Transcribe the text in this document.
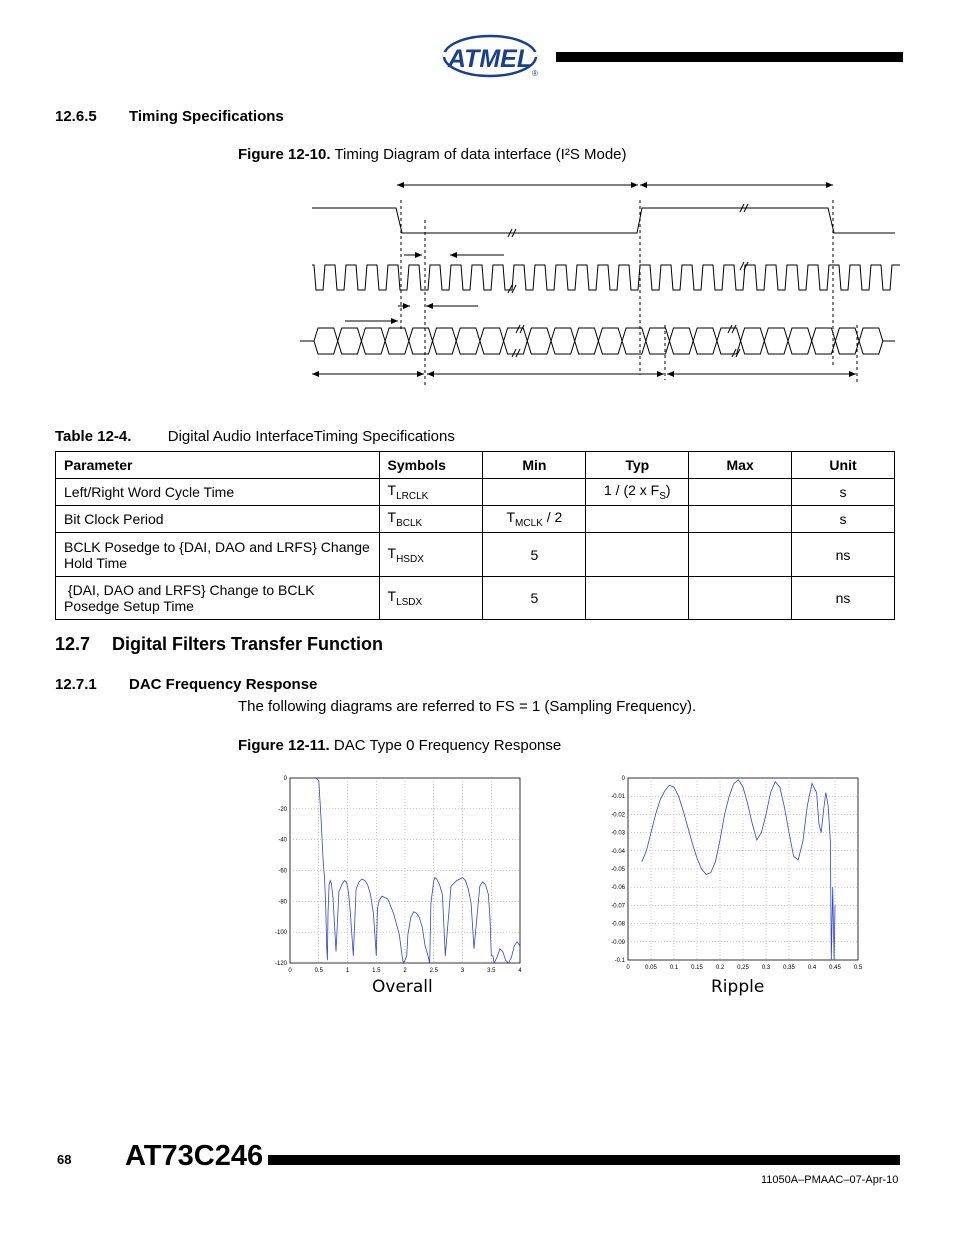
ATMEL
®
12.6.5 Timing Specifications
Figure 12-10. Timing Diagram of data interface (I²S Mode)
Table 12-4. Digital Audio InterfaceTiming Specifications
Parameter	Symbols	Min	Typ	Max	Unit
Left/Right Word Cycle Time	$T_{LRCLK}$		1 / (2 x $F_S$)		s
Bit Clock Period	$T_{BCLK}$	$T_{MCLK} / 2$			s
BCLK Posedge to {DAI, DAO and LRFS} Change Hold Time	$T_{HSDX}$	5			ns
{DAI, DAO and LRFS} Change to BCLK Posedge Setup Time	$T_{LSDX}$	5			ns
12.7 Digital Filters Transfer Function
12.7.1 DAC Frequency Response
The following diagrams are referred to FS = 1 (Sampling Frequency).
Figure 12-11. DAC Type 0 Frequency Response
0	0.5	1	1.5	2	2.5	3	3.5	4
0
-20
-40
-60
-80
-100
-120
0	0.05 0.1 0.15 0.2 0.25 0.3 0.35 0.4 0.45 0.5
0
-0.01
-0.02
-0.03
-0.04
-0.05
-0.06
-0.07
-0.08
-0.09
-0.1
Overall	Ripple
68 AT73C246
11050A–PMAAC–07-Apr-10
